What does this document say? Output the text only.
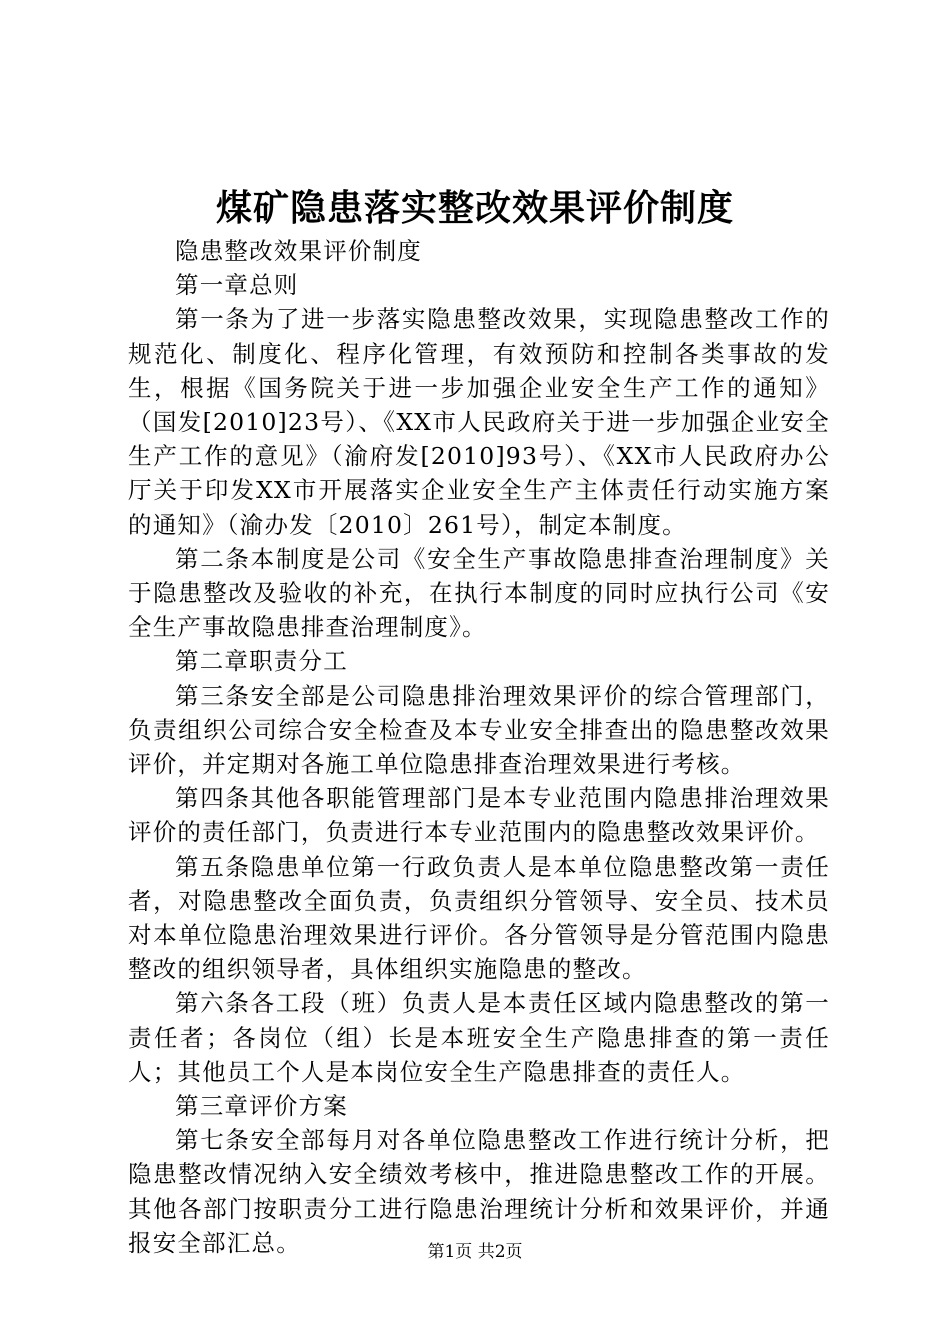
煤矿隐患落实整改效果评价制度

隐患整改效果评价制度

第一章总则

第一条为了进一步落实隐患整改效果，实现隐患整改工作的规范化、制度化、程序化管理，有效预防和控制各类事故的发生，根据《国务院关于进一步加强企业安全生产工作的通知》（国发[2010]23号）、《XX市人民政府关于进一步加强企业安全生产工作的意见》（渝府发[2010]93号）、《XX市人民政府办公厅关于印发XX市开展落实企业安全生产主体责任行动实施方案的通知》（渝办发〔2010〕261号），制定本制度。

第二条本制度是公司《安全生产事故隐患排查治理制度》关于隐患整改及验收的补充，在执行本制度的同时应执行公司《安全生产事故隐患排查治理制度》。

第二章职责分工

第三条安全部是公司隐患排治理效果评价的综合管理部门，负责组织公司综合安全检查及本专业安全排查出的隐患整改效果评价，并定期对各施工单位隐患排查治理效果进行考核。

第四条其他各职能管理部门是本专业范围内隐患排治理效果评价的责任部门，负责进行本专业范围内的隐患整改效果评价。

第五条隐患单位第一行政负责人是本单位隐患整改第一责任者，对隐患整改全面负责，负责组织分管领导、安全员、技术员对本单位隐患治理效果进行评价。各分管领导是分管范围内隐患整改的组织领导者，具体组织实施隐患的整改。

第六条各工段（班）负责人是本责任区域内隐患整改的第一责任者；各岗位（组）长是本班安全生产隐患排查的第一责任人；其他员工个人是本岗位安全生产隐患排查的责任人。

第三章评价方案

第七条安全部每月对各单位隐患整改工作进行统计分析，把隐患整改情况纳入安全绩效考核中，推进隐患整改工作的开展。其他各部门按职责分工进行隐患治理统计分析和效果评价，并通报安全部汇总。	第1页 共2页
